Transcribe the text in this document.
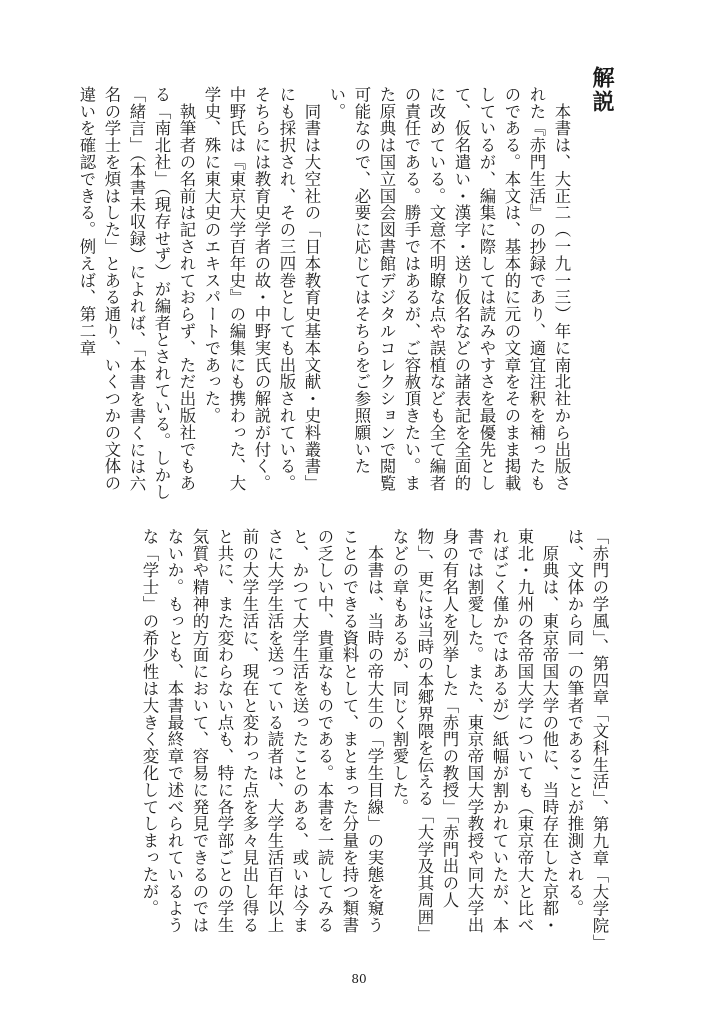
解説

　本書は、大正二（一九一三）年に南北社から出版された『赤門生活』の抄録であり、適宜注釈を補ったものである。本文は、基本的に元の文章をそのまま掲載しているが、編集に際しては読みやすさを最優先として、仮名遣い・漢字・送り仮名などの諸表記を全面的に改めている。文意不明瞭な点や誤植なども全て編者の責任である。勝手ではあるが、ご容赦頂きたい。また原典は国立国会図書館デジタルコレクションで閲覧可能なので、必要に応じてはそちらをご参照願いたい。

　同書は大空社の「日本教育史基本文献・史料叢書」にも採択され、その三四巻としても出版されている。そちらには教育史学者の故・中野実氏の解説が付く。中野氏は『東京大学百年史』の編集にも携わった、大学史、殊に東大史のエキスパートであった。

　執筆者の名前は記されておらず、ただ出版社でもある「南北社」（現存せず）が編者とされている。しかし「緒言」（本書未収録）によれば、「本書を書くには六名の学士を煩はした」とある通り、いくつかの文体の違いを確認できる。例えば、第二章

「赤門の学風」、第四章「文科生活」、第九章「大学院」は、文体から同一の筆者であることが推測される。

　原典は、東京帝国大学の他に、当時存在した京都・東北・九州の各帝国大学についても（東京帝大と比べればごく僅かではあるが）紙幅が割かれていたが、本書では割愛した。また、東京帝国大学教授や同大学出身の有名人を列挙した「赤門の教授」「赤門出の人物」、更には当時の本郷界隈を伝える「大学及其周囲」などの章もあるが、同じく割愛した。

　本書は、当時の帝大生の「学生目線」の実態を窺うことのできる資料として、まとまった分量を持つ類書の乏しい中、貴重なものである。本書を一読してみると、かつて大学生活を送ったことのある、或いは今まさに大学生活を送っている読者は、大学生活百年以上前の大学生活に、現在と変わった点を多々見出し得ると共に、また変わらない点も、特に各学部ごとの学生気質や精神的方面において、容易に発見できるのではないか。もっとも、本書最終章で述べられているような「学士」の希少性は大きく変化してしまったが。

80
